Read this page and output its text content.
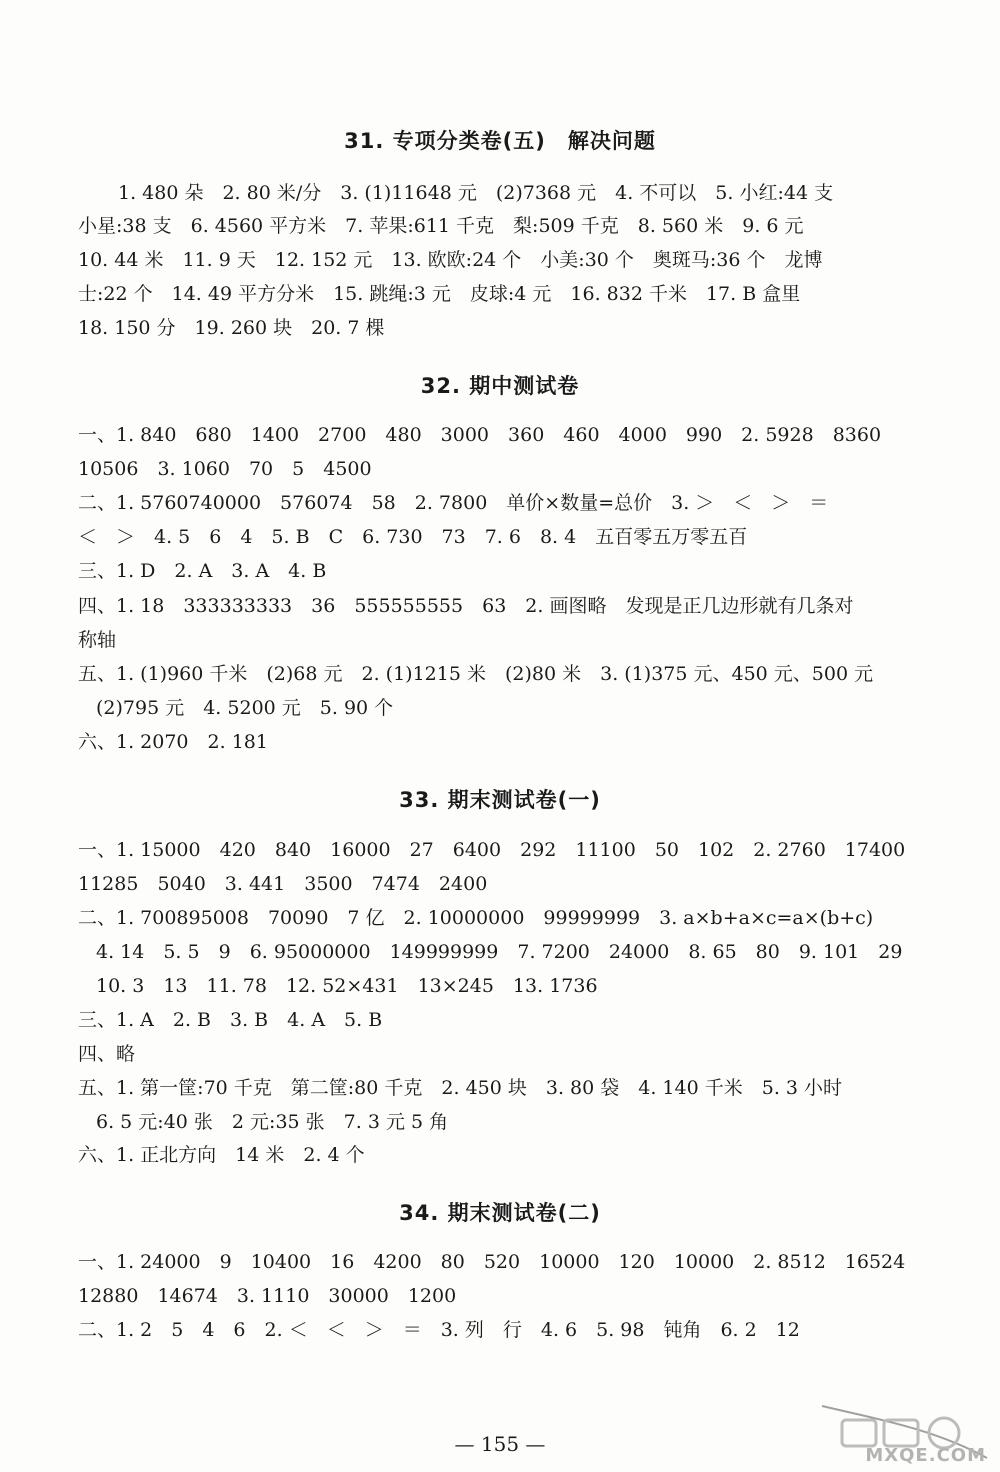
31. 专项分类卷(五)　解决问题
1. 480 朵　2. 80 米/分　3. (1)11648 元　(2)7368 元　4. 不可以　5. 小红:44 支
小星:38 支　6. 4560 平方米　7. 苹果:611 千克　梨:509 千克　8. 560 米　9. 6 元
10. 44 米　11. 9 天　12. 152 元　13. 欧欧:24 个　小美:30 个　奥斑马:36 个　龙博
士:22 个　14. 49 平方分米　15. 跳绳:3 元　皮球:4 元　16. 832 千米　17. B 盒里
18. 150 分　19. 260 块　20. 7 棵
32. 期中测试卷
一、1. 840　680　1400　2700　480　3000　360　460　4000　990　2. 5928　8360
10506　3. 1060　70　5　4500
二、1. 5760740000　576074　58　2. 7800　单价×数量=总价　3. ＞　＜　＞　＝
＜　＞　4. 5　6　4　5. B　C　6. 730　73　7. 6　8. 4　五百零五万零五百
三、1. D　2. A　3. A　4. B
四、1. 18　333333333　36　555555555　63　2. 画图略　发现是正几边形就有几条对
称轴
五、1. (1)960 千米　(2)68 元　2. (1)1215 米　(2)80 米　3. (1)375 元、450 元、500 元
(2)795 元　4. 5200 元　5. 90 个
六、1. 2070　2. 181
33. 期末测试卷(一)
一、1. 15000　420　840　16000　27　6400　292　11100　50　102　2. 2760　17400
11285　5040　3. 441　3500　7474　2400
二、1. 700895008　70090　7 亿　2. 10000000　99999999　3. a×b+a×c=a×(b+c)
4. 14　5. 5　9　6. 95000000　149999999　7. 7200　24000　8. 65　80　9. 101　29
10. 3　13　11. 78　12. 52×431　13×245　13. 1736
三、1. A　2. B　3. B　4. A　5. B
四、略
五、1. 第一筐:70 千克　第二筐:80 千克　2. 450 块　3. 80 袋　4. 140 千米　5. 3 小时
6. 5 元:40 张　2 元:35 张　7. 3 元 5 角
六、1. 正北方向　14 米　2. 4 个
34. 期末测试卷(二)
一、1. 24000　9　10400　16　4200　80　520　10000　120　10000　2. 8512　16524
12880　14674　3. 1110　30000　1200
二、1. 2　5　4　6　2. ＜　＜　＞　＝　3. 列　行　4. 6　5. 98　钝角　6. 2　12
— 155 —	MXQE.COM
